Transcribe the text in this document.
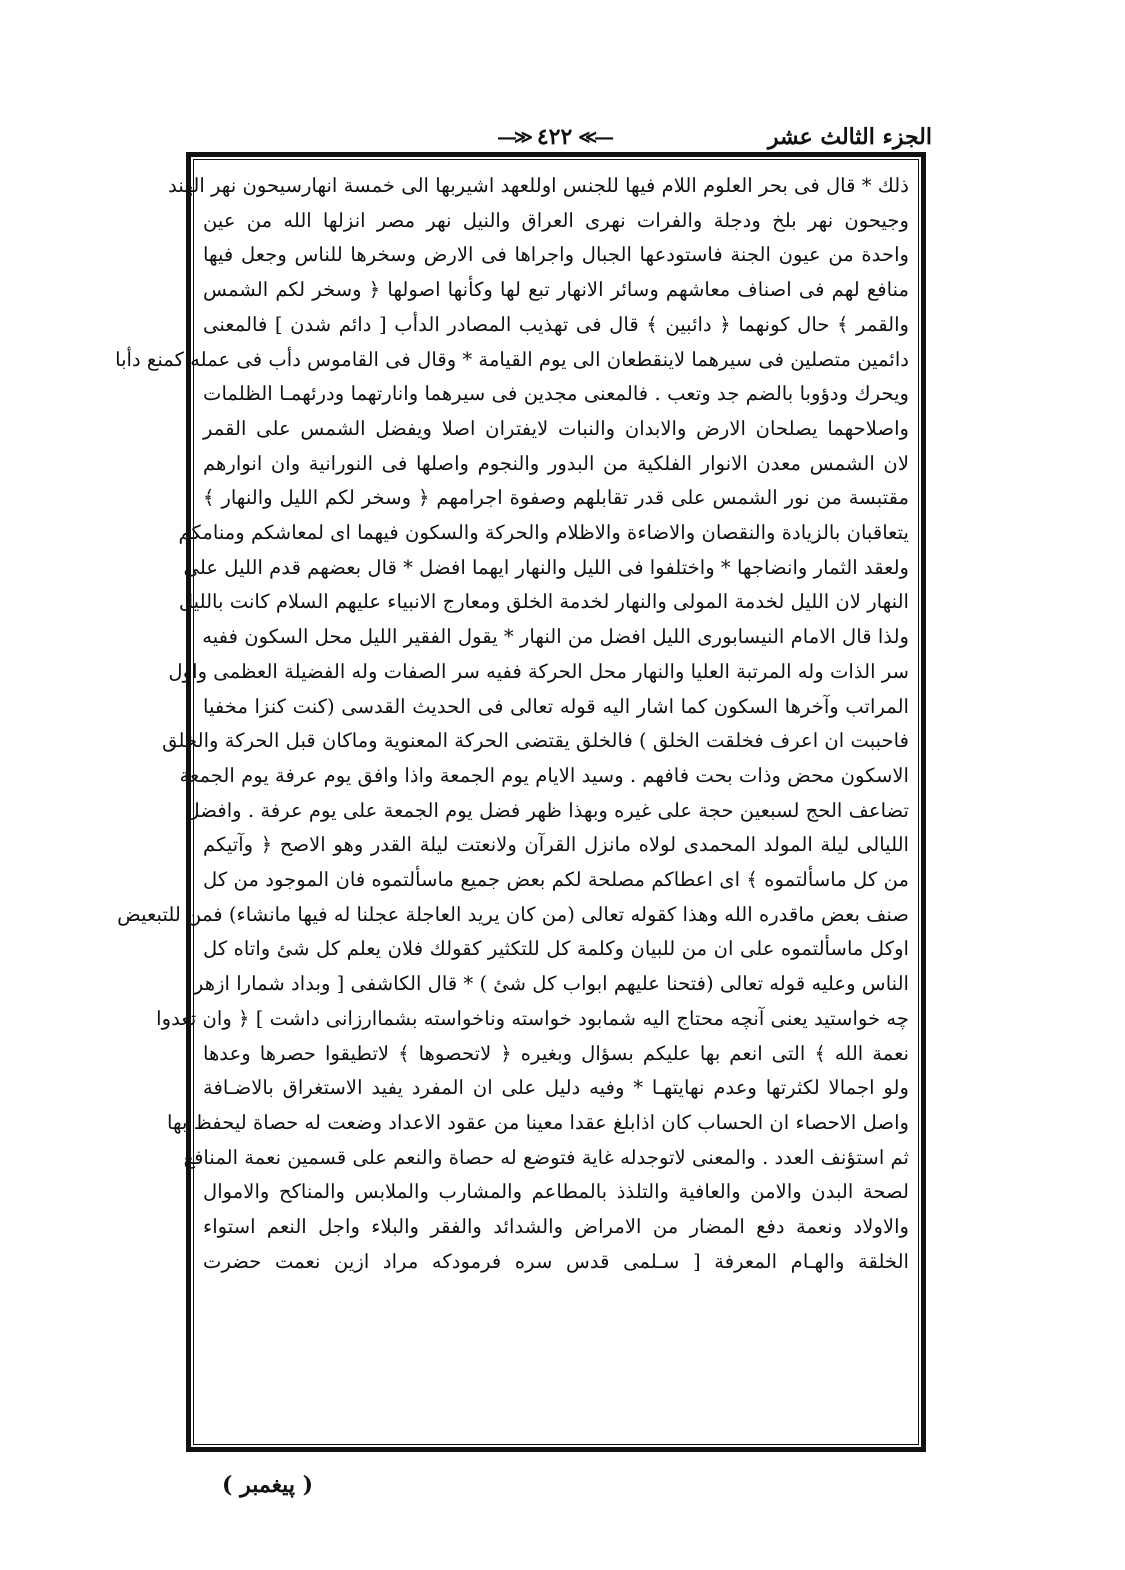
الجزء الثالث عشر
―≫ ٤٢٢ ≪―
ذلك * قال فى بحر العلوم اللام فيها للجنس اوللعهد اشيربها الى خمسة انهارسيحون نهر الهند
وجيحون نهر بلخ ودجلة والفرات نهرى العراق والنيل نهر مصر انزلها الله من عين
واحدة من عيون الجنة فاستودعها الجبال واجراها فى الارض وسخرها للناس وجعل فيها
منافع لهم فى اصناف معاشهم وسائر الانهار تبع لها وكأنها اصولها ﴿ وسخر لكم الشمس
والقمر ﴾ حال كونهما ﴿ دائبين ﴾ قال فى تهذيب المصادر الدأب [ دائم شدن ] فالمعنى
دائمين متصلين فى سيرهما لاينقطعان الى يوم القيامة * وقال فى القاموس دأب فى عمله كمنع دأبا
ويحرك ودؤوبا بالضم جد وتعب . فالمعنى مجدين فى سيرهما وانارتهما ودرئهمـا الظلمات
واصلاحهما يصلحان الارض والابدان والنبات لايفتران اصلا ويفضل الشمس على القمر
لان الشمس معدن الانوار الفلكية من البدور والنجوم واصلها فى النورانية وان انوارهم
مقتبسة من نور الشمس على قدر تقابلهم وصفوة اجرامهم ﴿ وسخر لكم الليل والنهار ﴾
يتعاقبان بالزيادة والنقصان والاضاءة والاظلام والحركة والسكون فيهما اى لمعاشكم ومنامكم
ولعقد الثمار وانضاجها * واختلفوا فى الليل والنهار ايهما افضل * قال بعضهم قدم الليل على
النهار لان الليل لخدمة المولى والنهار لخدمة الخلق ومعارج الانبياء عليهم السلام كانت بالليل
ولذا قال الامام النيسابورى الليل افضل من النهار * يقول الفقير الليل محل السكون ففيه
سر الذات وله المرتبة العليا والنهار محل الحركة ففيه سر الصفات وله الفضيلة العظمى واول
المراتب وآخرها السكون كما اشار اليه قوله تعالى فى الحديث القدسى (كنت كنزا مخفيا
فاحببت ان اعرف فخلقت الخلق ) فالخلق يقتضى الحركة المعنوية وماكان قبل الحركة والخلق
الاسكون محض وذات بحت فافهم . وسيد الايام يوم الجمعة واذا وافق يوم عرفة يوم الجمعة
تضاعف الحج لسبعين حجة على غيره وبهذا ظهر فضل يوم الجمعة على يوم عرفة . وافضل
الليالى ليلة المولد المحمدى لولاه مانزل القرآن ولانعتت ليلة القدر وهو الاصح ﴿ وآتيكم
من كل ماسألتموه ﴾ اى اعطاكم مصلحة لكم بعض جميع ماسألتموه فان الموجود من كل
صنف بعض ماقدره الله وهذا كقوله تعالى (من كان يريد العاجلة عجلنا له فيها مانشاء) فمن للتبعيض
اوكل ماسألتموه على ان من للبيان وكلمة كل للتكثير كقولك فلان يعلم كل شئ واتاه كل
الناس وعليه قوله تعالى (فتحنا عليهم ابواب كل شئ ) * قال الكاشفى [ وبداد شمارا ازهر
چه خواستيد يعنى آنچه محتاج اليه شمابود خواسته وناخواسته بشماارزانى داشت ] ﴿ وان تعدوا
نعمة الله ﴾ التى انعم بها عليكم بسؤال وبغيره ﴿ لاتحصوها ﴾ لاتطيقوا حصرها وعدها
ولو اجمالا لكثرتها وعدم نهايتهـا * وفيه دليل على ان المفرد يفيد الاستغراق بالاضـافة
واصل الاحصاء ان الحساب كان اذابلغ عقدا معينا من عقود الاعداد وضعت له حصاة ليحفظ بها
ثم استؤنف العدد . والمعنى لاتوجدله غاية فتوضع له حصاة والنعم على قسمين نعمة المنافع
لصحة البدن والامن والعافية والتلذذ بالمطاعم والمشارب والملابس والمناكح والاموال
والاولاد ونعمة دفع المضار من الامراض والشدائد والفقر والبلاء واجل النعم استواء
الخلقة والهـام المعرفة [ سـلمى قدس سره فرمودكه مراد ازين نعمت حضرت
( پيغمبر )
